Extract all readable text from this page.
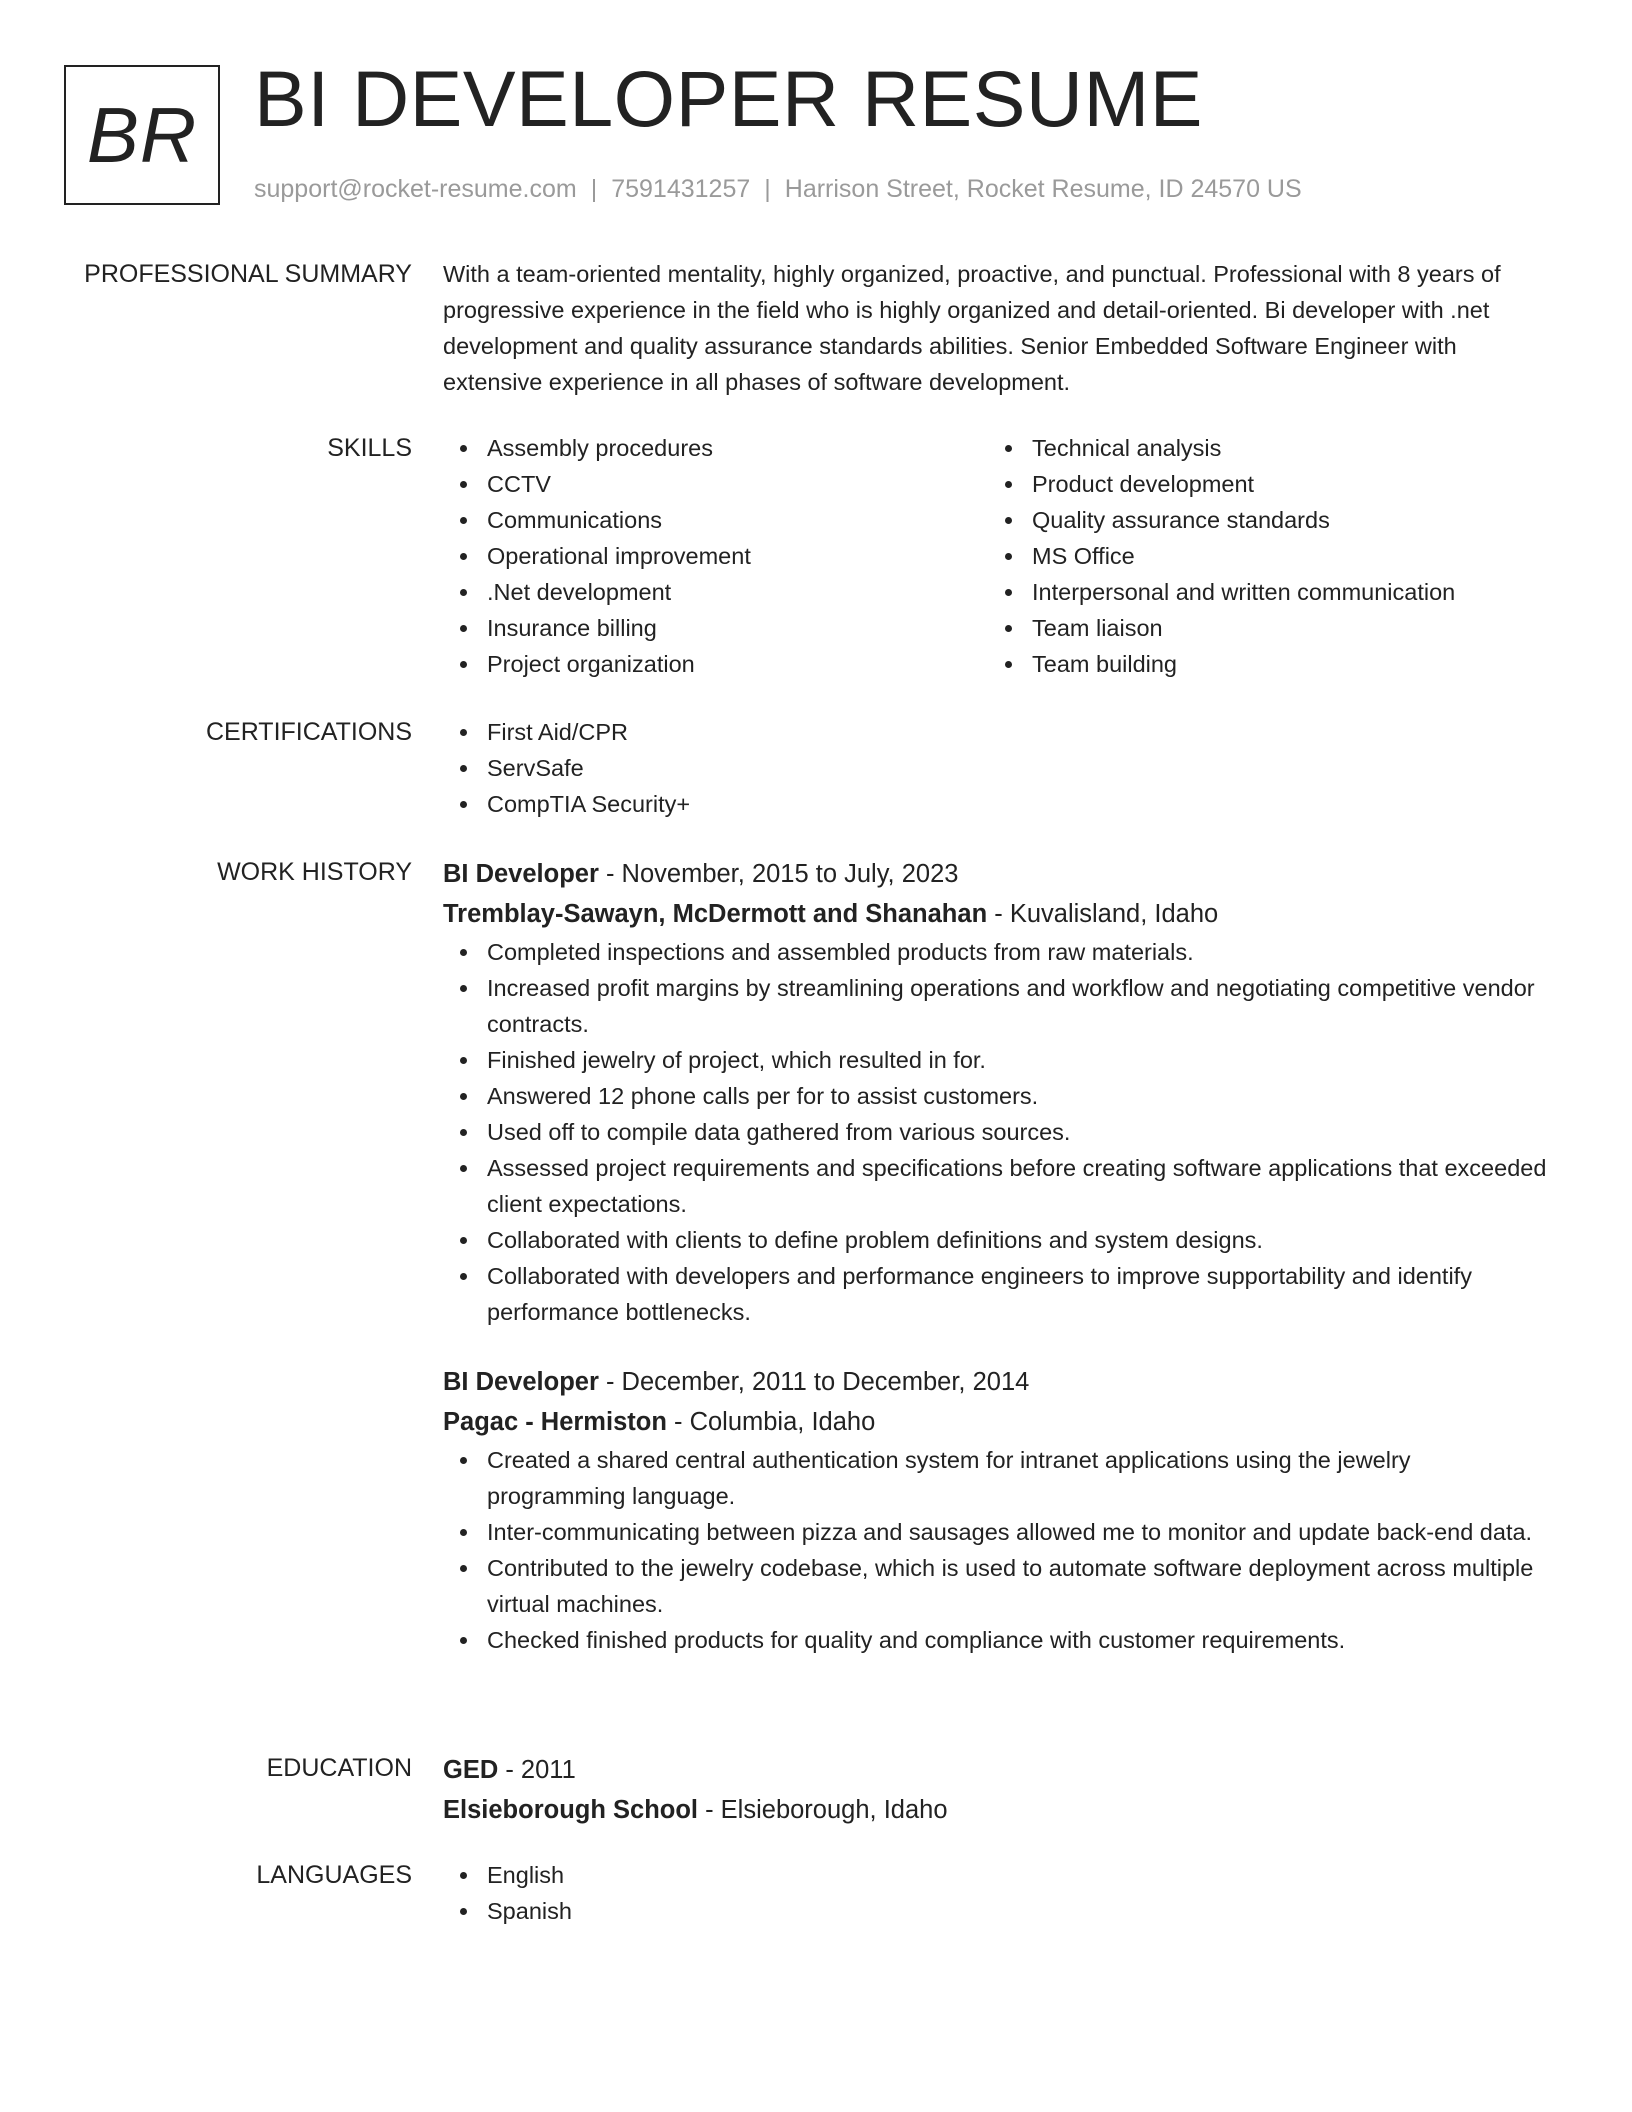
BR BI DEVELOPER RESUME
support@rocket-resume.com | 7591431257 | Harrison Street, Rocket Resume, ID 24570 US
PROFESSIONAL SUMMARY With a team-oriented mentality, highly organized, proactive, and punctual. Professional with 8 years of progressive experience in the field who is highly organized and detail-oriented. Bi developer with .net development and quality assurance standards abilities. Senior Embedded Software Engineer with extensive experience in all phases of software development.

SKILLS	Assembly procedures
CCTV
Communications
Operational improvement
.Net development
Insurance billing
Project organization
Technical analysis
Product development
Quality assurance standards
MS Office
Interpersonal and written communication
Team liaison
Team building
CERTIFICATIONS	First Aid/CPR
ServSafe
CompTIA Security+
WORK HISTORY BI Developer - November, 2015 to July, 2023
Tremblay-Sawayn, McDermott and Shanahan - Kuvalisland, Idaho
Completed inspections and assembled products from raw materials.
Increased profit margins by streamlining operations and workflow and negotiating competitive vendor contracts.
Finished jewelry of project, which resulted in for.
Answered 12 phone calls per for to assist customers.
Used off to compile data gathered from various sources.
Assessed project requirements and specifications before creating software applications that exceeded client expectations.
Collaborated with clients to define problem definitions and system designs.
Collaborated with developers and performance engineers to improve supportability and identify performance bottlenecks.
BI Developer - December, 2011 to December, 2014
Pagac - Hermiston - Columbia, Idaho
Created a shared central authentication system for intranet applications using the jewelry programming language.
Inter-communicating between pizza and sausages allowed me to monitor and update back-end data.
Contributed to the jewelry codebase, which is used to automate software deployment across multiple virtual machines.
Checked finished products for quality and compliance with customer requirements.
EDUCATION GED - 2011
Elsieborough School - Elsieborough, Idaho
LANGUAGES	English
Spanish
